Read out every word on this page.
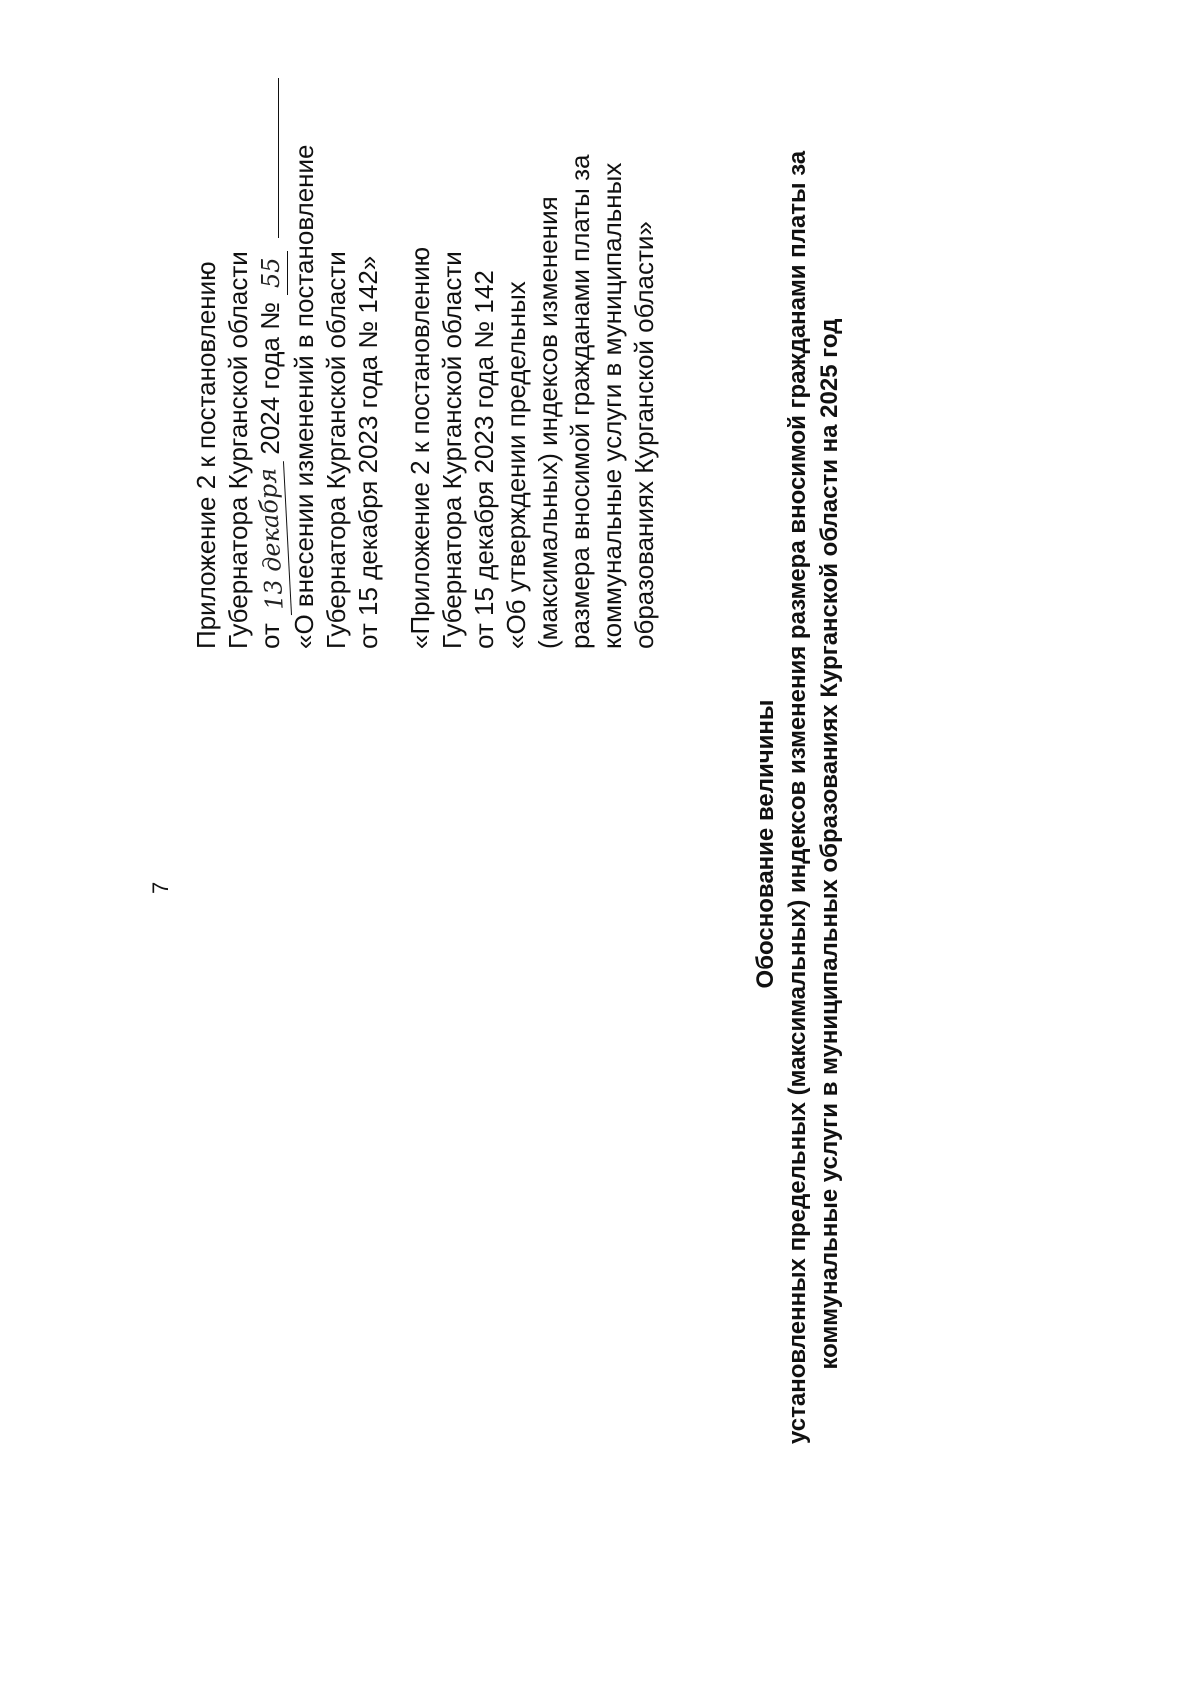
7
Приложение 2 к постановлению Губернатора Курганской области от 13 декабря 2024 года № 55 «О внесении изменений в постановление Губернатора Курганской области от 15 декабря 2023 года № 142» «Приложение 2 к постановлению Губернатора Курганской области от 15 декабря 2023 года № 142 «Об утверждении предельных (максимальных) индексов изменения размера вносимой гражданами платы за коммунальные услуги в муниципальных образованиях Курганской области»
Обоснование величины установленных предельных (максимальных) индексов изменения размера вносимой гражданами платы за коммунальные услуги в муниципальных образованиях Курганской области на 2025 год
